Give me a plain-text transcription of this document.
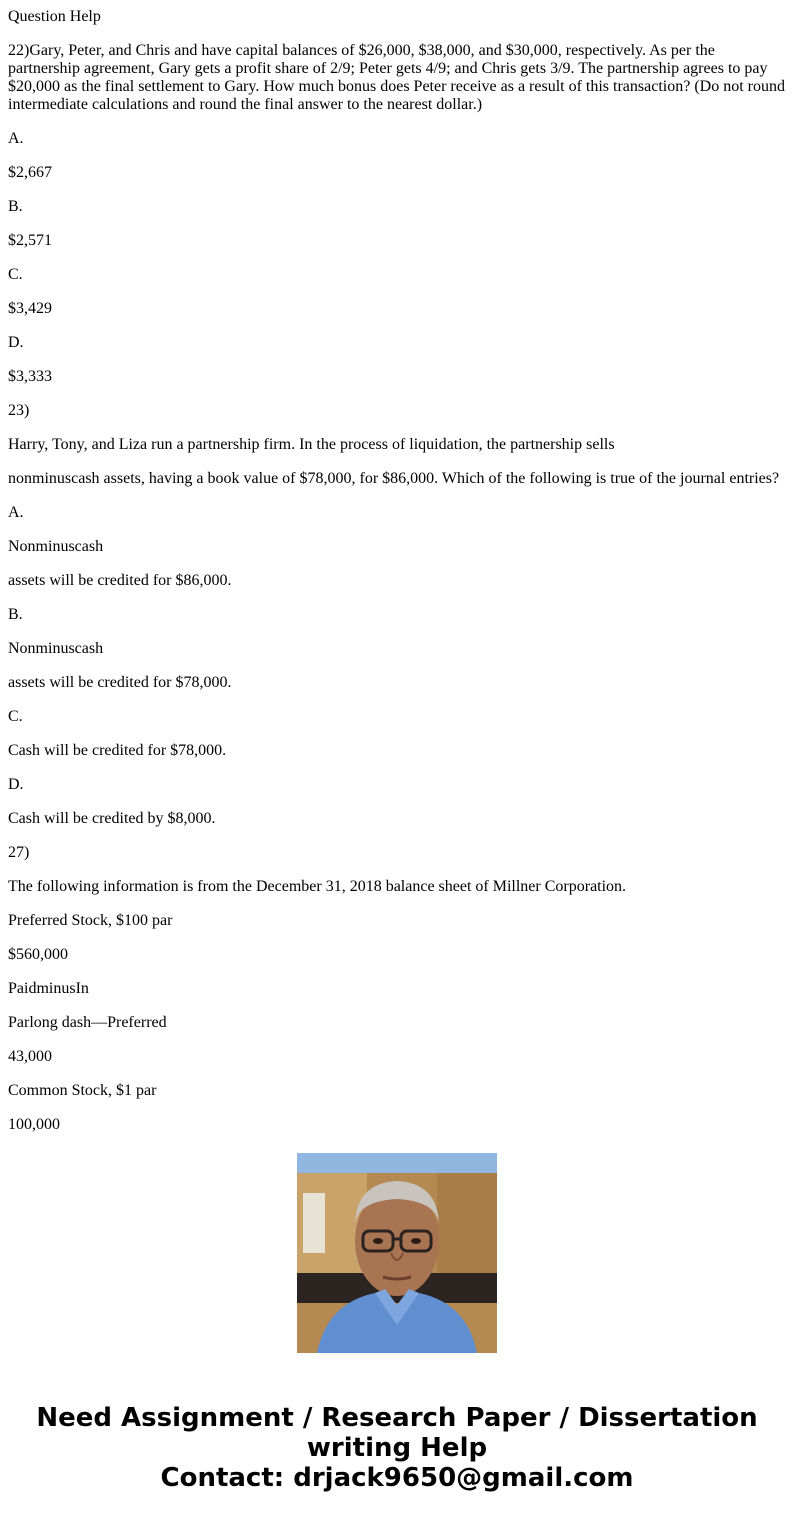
Question Help

22)Gary, Peter, and Chris and have capital balances of $26,000, $38,000, and $30,000, respectively. As per the partnership agreement, Gary gets a profit share of 2/9; Peter gets 4/9; and Chris gets 3/9. The partnership agrees to pay $20,000 as the final settlement to Gary. How much bonus does Peter receive as a result of this transaction? (Do not round intermediate calculations and round the final answer to the nearest dollar.)

A.

$2,667

B.

$2,571

C.

$3,429

D.

$3,333

23)

Harry, Tony, and Liza run a partnership firm. In the process of liquidation, the partnership sells

nonminuscash assets, having a book value of $78,000, for $86,000. Which of the following is true of the journal entries?

A.

Nonminuscash

assets will be credited for $86,000.

B.

Nonminuscash

assets will be credited for $78,000.

C.

Cash will be credited for $78,000.

D.

Cash will be credited by $8,000.

27)

The following information is from the December 31, 2018 balance sheet of Millner Corporation.

Preferred Stock, $100 par

$560,000

PaidminusIn

Parlong dash—Preferred

43,000

Common Stock, $1 par

100,000

Need Assignment / Research Paper / Dissertation
writing Help
Contact: drjack9650@gmail.com
